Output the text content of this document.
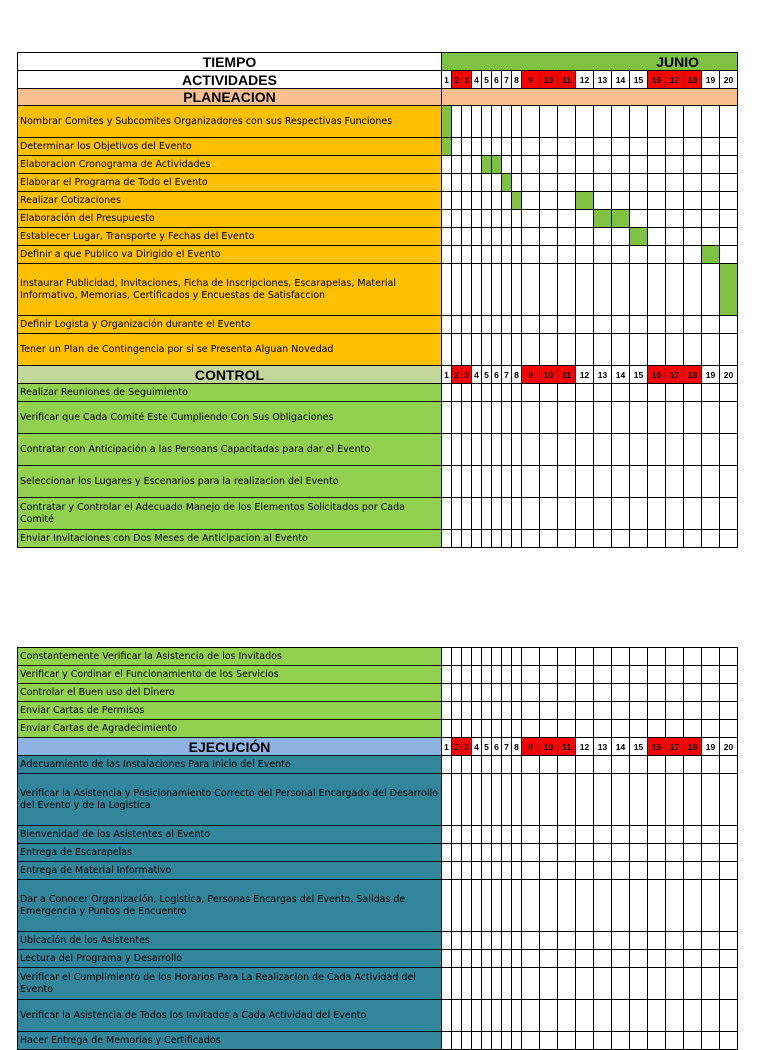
TIEMPO	JUNIO																			
ACTIVIDADES	1	2	3	4	5	6	7	8	9	10	11	12	13	14	15	16	17	18	19	20
PLANEACION																				
Nombrar Comites y Subcomites Organizadores con sus Respectivas Funciones																				
Determinar los Objetivos del Evento																				
Elaboracion Cronograma de Actividades																				
Elaborar el Programa de Todo el Evento																				
Realizar Cotizaciones																				
Elaboración del Presupuesto																				
Establecer Lugar, Transporte y Fechas del Evento																				
Definir a que Publico va Dirigido el Evento																				
Instaurar Publicidad, Invitaciones, Ficha de Inscripciones, Escarapelas, Material Informativo, Memorias, Certificados y Encuestas de Satisfaccion																				
Definir Logista y Organización durante el Evento																				
Tener un Plan de Contingencia por si se Presenta Alguan Novedad																				
CONTROL	1	2	3	4	5	6	7	8	9	10	11	12	13	14	15	16	17	18	19	20
Realizar Reuniones de Seguimiento																				
Verificar que Cada Comité Este Cumpliendo Con Sus Obligaciones																				
Contratar con Anticipación a las Persoans Capacitadas para dar el Evento																				
Seleccionar los Lugares y Escenarios para la realizacion del Evento																				
Contratar y Controlar el Adecuado Manejo de los Elementos Solicitados por Cada Comité																				
Enviar Invitaciones con Dos Meses de Anticipacion al Evento																				
Constantemente Verificar la Asistencia de los Invitados																				
Verificar y Cordinar el Funcionamiento de los Servicios																				
Controlar el Buen uso del Dinero																				
Enviar Cartas de Permisos																				
Enviar Cartas de Agradecimiento																				
EJECUCIÓN	1	2	3	4	5	6	7	8	9	10	11	12	13	14	15	16	17	18	19	20
Adecuamiento de las Instalaciones Para Inicio del Evento																				
Verificar la Asistencia y Posicionamiento Correcto del Personal Encargado del Desarrollo del Evento y de la Logistica																				
Bienvenidad de los Asistentes al Evento																				
Entrega de Escarapelas																				
Entrega de Material Informativo																				
Dar a Conocer Organización, Logistica, Personas Encargas del Evento, Salidas de Emergencia y Puntos de Encuentro																				
Ubicación de los Asistentes																				
Lectura del Programa y Desarrollo																				
Verificar el Cumplimiento de los Horarios Para La Realizacion de Cada Actividad del Evento																				
Verificar la Asistencia de Todos los Invitados a Cada Actividad del Evento																				
Hacer Entrega de Memorias y Certificados																				
